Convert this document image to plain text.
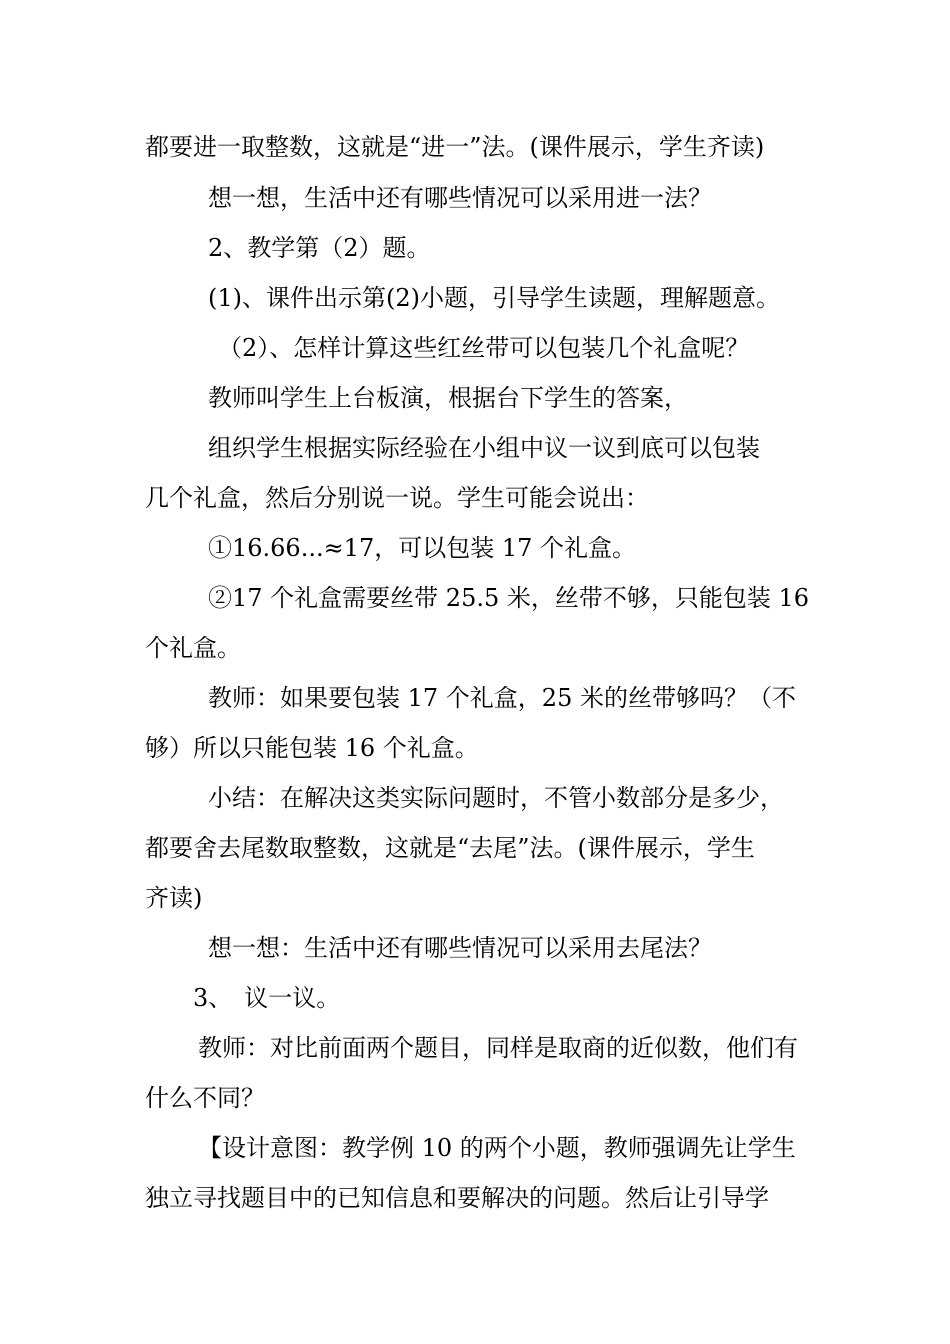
都要进一取整数，这就是“进一”法。(课件展示，学生齐读)
想一想，生活中还有哪些情况可以采用进一法？
2、教学第（2）题。
(1)、课件出示第(2)小题，引导学生读题，理解题意。
（2）、怎样计算这些红丝带可以包装几个礼盒呢？
教师叫学生上台板演，根据台下学生的答案，
组织学生根据实际经验在小组中议一议到底可以包装
几个礼盒，然后分别说一说。学生可能会说出：
①16.66...≈17，可以包装 17 个礼盒。
②17 个礼盒需要丝带 25.5 米，丝带不够，只能包装 16
个礼盒。
教师：如果要包装 17 个礼盒，25 米的丝带够吗？（不
够）所以只能包装 16 个礼盒。
小结：在解决这类实际问题时，不管小数部分是多少，
都要舍去尾数取整数，这就是“去尾”法。(课件展示，学生
齐读)
想一想：生活中还有哪些情况可以采用去尾法？
3、　议一议。
教师：对比前面两个题目，同样是取商的近似数，他们有
什么不同？
【设计意图：教学例 10 的两个小题，教师强调先让学生
独立寻找题目中的已知信息和要解决的问题。然后让引导学
